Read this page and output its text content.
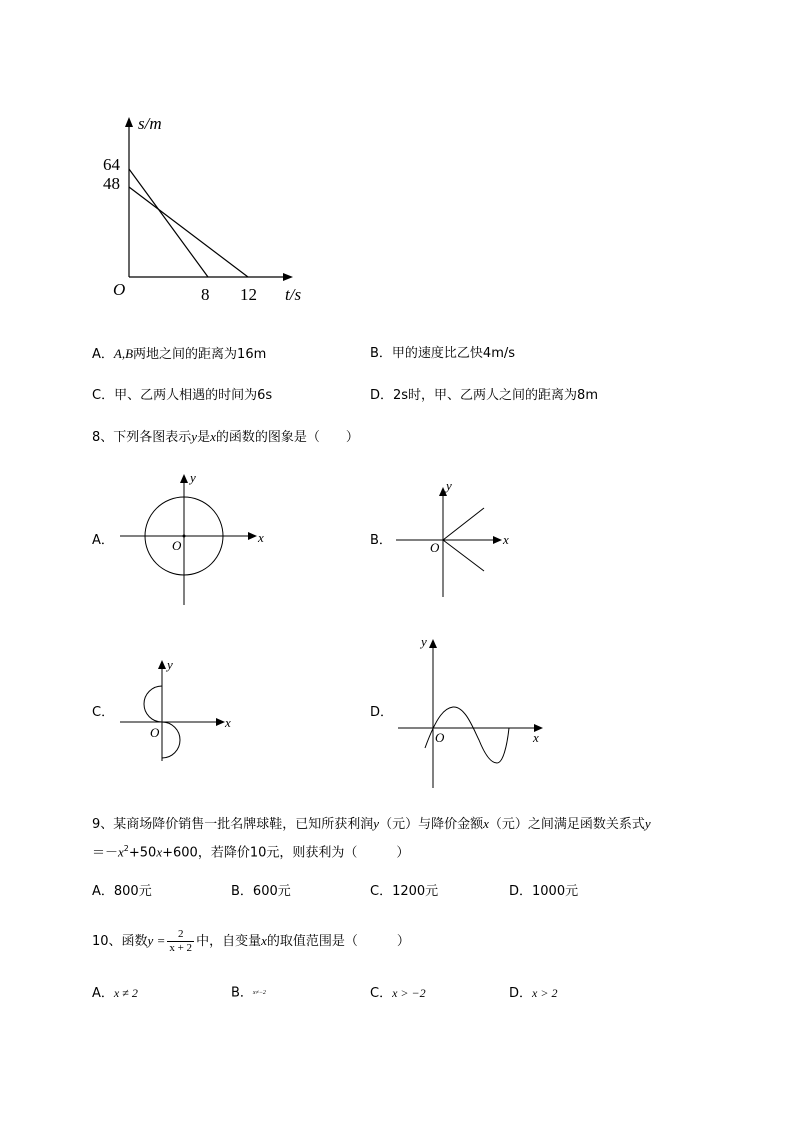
s/m
64
48
O	8 12 t/s
A．A,B两地之间的距离为16m	B．甲的速度比乙快4m/s
C．甲、乙两人相遇的时间为6s	D．2s时，甲、乙两人之间的距离为8m
8、下列各图表示y是x的函数的图象是（　　）
A．
y
x
O	B．
y
x
O
C．
y
x
O
D．
y
x
O
9、某商场降价销售一批名牌球鞋，已知所获利润y（元）与降价金额x（元）之间满足函数关系式y
$=-x^2+50x+600$，若降价10元，则获利为（　　　）
A．800元	B．600元	C．1200元	D．1000元
10、函数$y = \frac{2}{x + 2}$ 中，自变量x的取值范围是（　　　）
A．x ≠ 2	B．x≠−2	C．x > −2	D．x > 2
